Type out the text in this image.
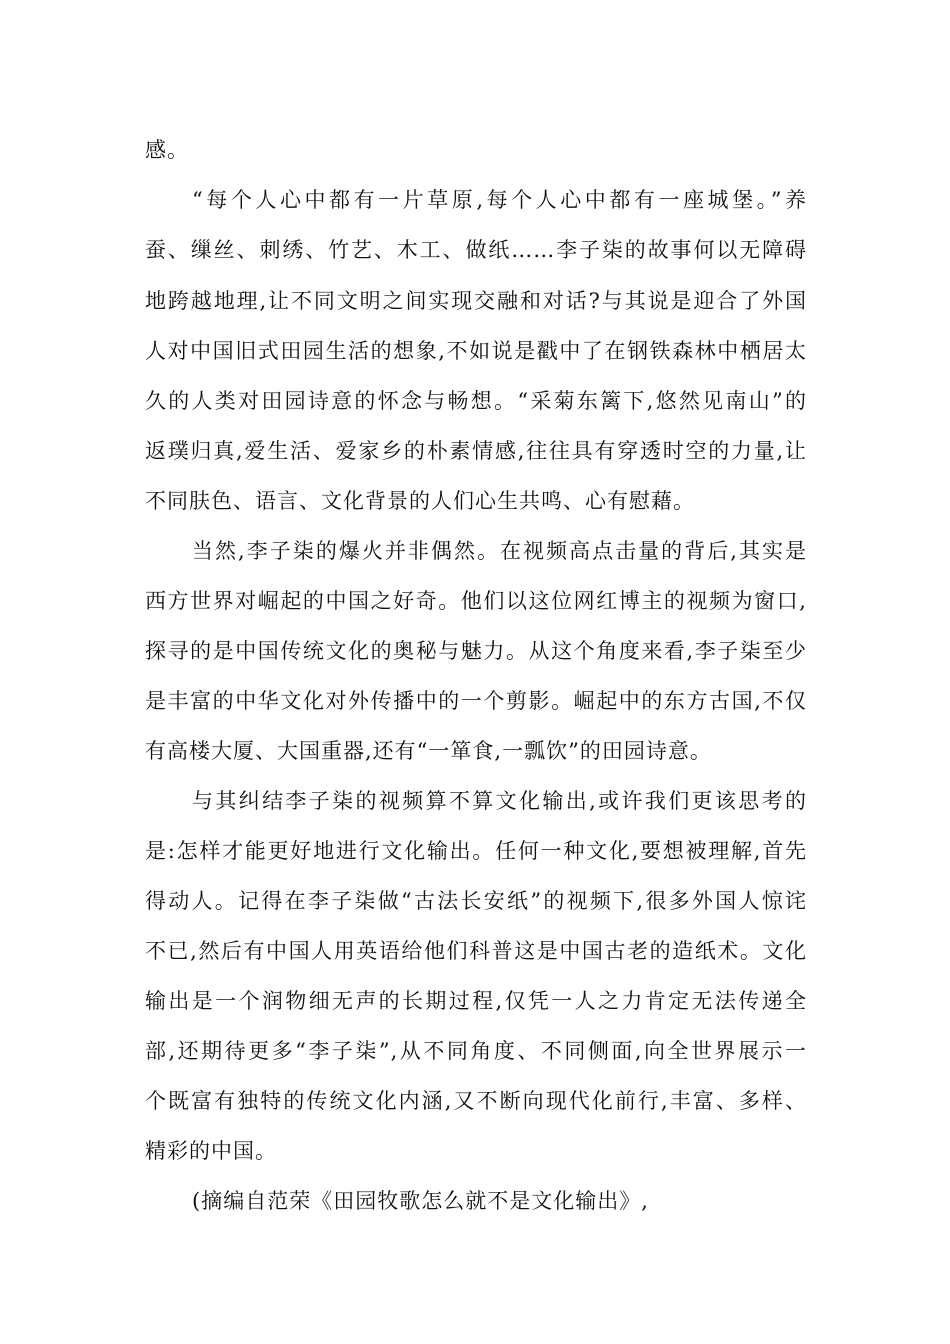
感。
“每个人心中都有一片草原,每个人心中都有一座城堡。”养
蚕、缫丝、刺绣、竹艺、木工、做纸……李子柒的故事何以无障碍
地跨越地理,让不同文明之间实现交融和对话?与其说是迎合了外国
人对中国旧式田园生活的想象,不如说是戳中了在钢铁森林中栖居太
久的人类对田园诗意的怀念与畅想。“采菊东篱下,悠然见南山”的
返璞归真,爱生活、爱家乡的朴素情感,往往具有穿透时空的力量,让
不同肤色、语言、文化背景的人们心生共鸣、心有慰藉。
当然,李子柒的爆火并非偶然。在视频高点击量的背后,其实是
西方世界对崛起的中国之好奇。他们以这位网红博主的视频为窗口,
探寻的是中国传统文化的奥秘与魅力。从这个角度来看,李子柒至少
是丰富的中华文化对外传播中的一个剪影。崛起中的东方古国,不仅
有高楼大厦、大国重器,还有“一箪食,一瓢饮”的田园诗意。
与其纠结李子柒的视频算不算文化输出,或许我们更该思考的
是:怎样才能更好地进行文化输出。任何一种文化,要想被理解,首先
得动人。记得在李子柒做“古法长安纸”的视频下,很多外国人惊诧
不已,然后有中国人用英语给他们科普这是中国古老的造纸术。文化
输出是一个润物细无声的长期过程,仅凭一人之力肯定无法传递全
部,还期待更多“李子柒”,从不同角度、不同侧面,向全世界展示一
个既富有独特的传统文化内涵,又不断向现代化前行,丰富、多样、
精彩的中国。
(摘编自范荣《田园牧歌怎么就不是文化输出》,
